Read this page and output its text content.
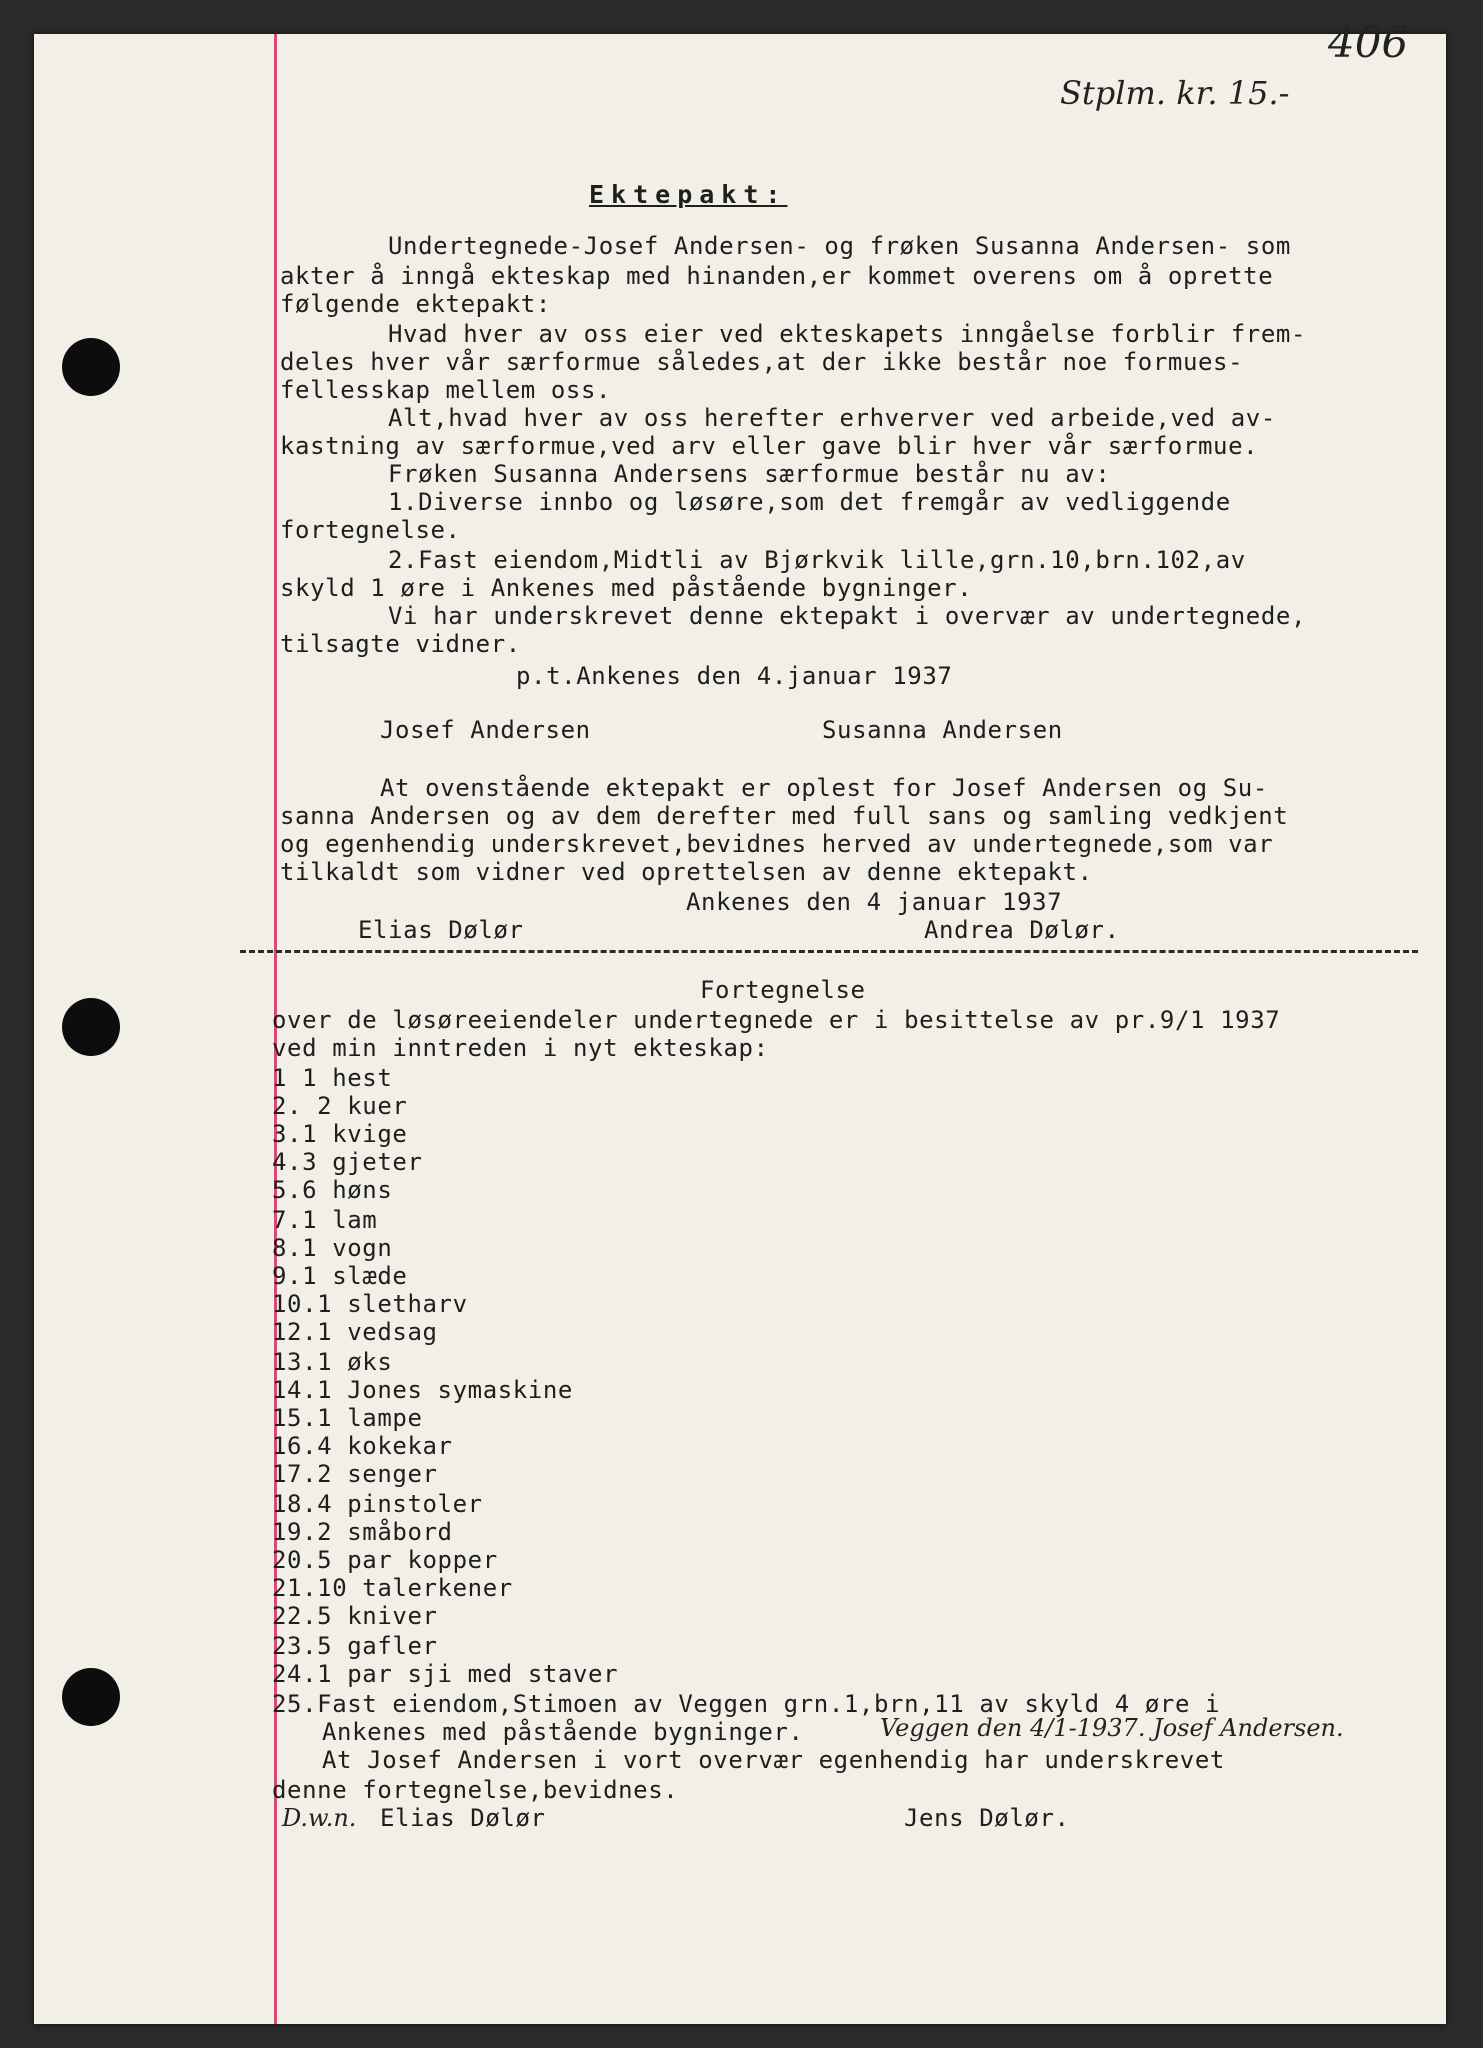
406
Stplm. kr. 15.-
Ektepakt:
Undertegnede-Josef Andersen- og frøken Susanna Andersen- som
akter å inngå ekteskap med hinanden,er kommet overens om å oprette
følgende ektepakt:
Hvad hver av oss eier ved ekteskapets inngåelse forblir frem-
deles hver vår særformue således,at der ikke består noe formues-
fellesskap mellem oss.
Alt,hvad hver av oss herefter erhverver ved arbeide,ved av-
kastning av særformue,ved arv eller gave blir hver vår særformue.
Frøken Susanna Andersens særformue består nu av:
1.Diverse innbo og løsøre,som det fremgår av vedliggende
fortegnelse.
2.Fast eiendom,Midtli av Bjørkvik lille,grn.10,brn.102,av
skyld 1 øre i Ankenes med påstående bygninger.
Vi har underskrevet denne ektepakt i overvær av undertegnede,
tilsagte vidner.
p.t.Ankenes den 4.januar 1937
Josef Andersen	Susanna Andersen
At ovenstående ektepakt er oplest for Josef Andersen og Su-
sanna Andersen og av dem derefter med full sans og samling vedkjent
og egenhendig underskrevet,bevidnes herved av undertegnede,som var
tilkaldt som vidner ved oprettelsen av denne ektepakt.
Ankenes den 4 januar 1937
Elias Dølør	Andrea Dølør.
Fortegnelse
over de løsøreeiendeler undertegnede er i besittelse av pr.9/1 1937
ved min inntreden i nyt ekteskap:
1 1 hest
2. 2 kuer
3.1 kvige
4.3 gjeter
5.6 høns
7.1 lam
8.1 vogn
9.1 slæde
10.1 sletharv
12.1 vedsag
13.1 øks
14.1 Jones symaskine
15.1 lampe
16.4 kokekar
17.2 senger
18.4 pinstoler
19.2 småbord
20.5 par kopper
21.10 talerkener
22.5 kniver
23.5 gafler
24.1 par sji med staver
25.Fast eiendom,Stimoen av Veggen grn.1,brn,11 av skyld 4 øre i
Ankenes med påstående bygninger.	Veggen den 4/1-1937. Josef Andersen.
At Josef Andersen i vort overvær egenhendig har underskrevet
denne fortegnelse,bevidnes.
D.w.n. Elias Dølør	Jens Dølør.
